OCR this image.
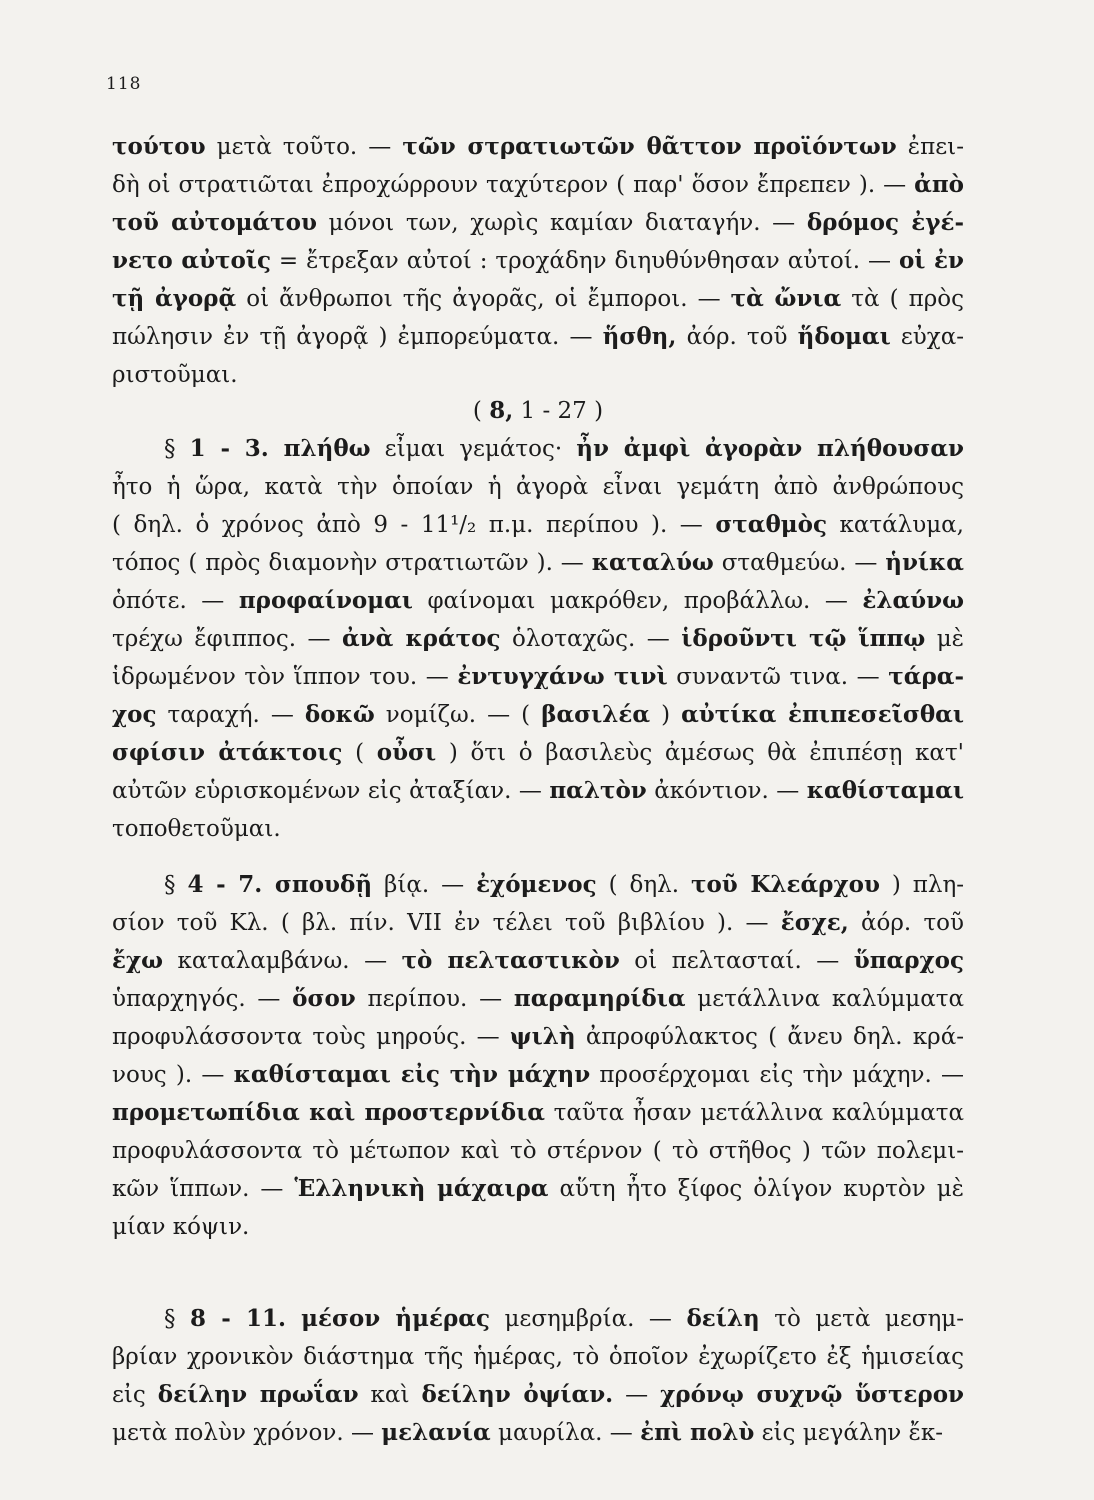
118
τούτου μετὰ τοῦτο. — τῶν στρατιωτῶν θᾶττον προϊόντων ἐπει-
δὴ οἱ στρατιῶται ἐπροχώρρουν ταχύτερον ( παρ' ὅσον ἔπρεπεν ). — ἀπὸ
τοῦ αὐτομάτου μόνοι των, χωρὶς καμίαν διαταγήν. — δρόμος ἐγέ-
νετο αὐτοῖς = ἔτρεξαν αὐτοί : τροχάδην διηυθύνθησαν αὐτοί. — οἱ ἐν
τῇ ἀγορᾷ οἱ ἄνθρωποι τῆς ἀγορᾶς, οἱ ἔμποροι. — τὰ ὤνια τὰ ( πρὸς
πώλησιν ἐν τῇ ἀγορᾷ ) ἐμπορεύματα. — ἥσθη, ἀόρ. τοῦ ἥδομαι εὐχα-
ριστοῦμαι.
( 8, 1 - 27 )
§ 1 - 3. πλήθω εἶμαι γεμάτος· ἦν ἀμφὶ ἀγορὰν πλήθουσαν
ἦτο ἡ ὥρα, κατὰ τὴν ὁποίαν ἡ ἀγορὰ εἶναι γεμάτη ἀπὸ ἀνθρώπους
( δηλ. ὁ χρόνος ἀπὸ 9 - 11¹/₂ π.μ. περίπου ). — σταθμὸς κατάλυμα,
τόπος ( πρὸς διαμονὴν στρατιωτῶν ). — καταλύω σταθμεύω. — ἡνίκα
ὁπότε. — προφαίνομαι φαίνομαι μακρόθεν, προβάλλω. — ἐλαύνω
τρέχω ἔφιππος. — ἀνὰ κράτος ὁλοταχῶς. — ἱδροῦντι τῷ ἵππῳ μὲ
ἱδρωμένον τὸν ἵππον του. — ἐντυγχάνω τινὶ συναντῶ τινα. — τάρα-
χος ταραχή. — δοκῶ νομίζω. — ( βασιλέα ) αὐτίκα ἐπιπεσεῖσθαι
σφίσιν ἀτάκτοις ( οὖσι ) ὅτι ὁ βασιλεὺς ἀμέσως θὰ ἐπιπέσῃ κατ'
αὐτῶν εὑρισκομένων εἰς ἀταξίαν. — παλτὸν ἀκόντιον. — καθίσταμαι
τοποθετοῦμαι.
§ 4 - 7. σπουδῇ βίᾳ. — ἐχόμενος ( δηλ. τοῦ Κλεάρχου ) πλη-
σίον τοῦ Κλ. ( βλ. πίν. VII ἐν τέλει τοῦ βιβλίου ). — ἔσχε, ἀόρ. τοῦ
ἔχω καταλαμβάνω. — τὸ πελταστικὸν οἱ πελτασταί. — ὕπαρχος
ὑπαρχηγός. — ὅσον περίπου. — παραμηρίδια μετάλλινα καλύμματα
προφυλάσσοντα τοὺς μηρούς. — ψιλὴ ἀπροφύλακτος ( ἄνευ δηλ. κρά-
νους ). — καθίσταμαι εἰς τὴν μάχην προσέρχομαι εἰς τὴν μάχην. —
προμετωπίδια καὶ προστερνίδια ταῦτα ἦσαν μετάλλινα καλύμματα
προφυλάσσοντα τὸ μέτωπον καὶ τὸ στέρνον ( τὸ στῆθος ) τῶν πολεμι-
κῶν ἵππων. — Ἑλληνικὴ μάχαιρα αὕτη ἦτο ξίφος ὀλίγον κυρτὸν μὲ
μίαν κόψιν.
§ 8 - 11. μέσον ἡμέρας μεσημβρία. — δείλη τὸ μετὰ μεσημ-
βρίαν χρονικὸν διάστημα τῆς ἡμέρας, τὸ ὁποῖον ἐχωρίζετο ἐξ ἡμισείας
εἰς δείλην πρωΐαν καὶ δείλην ὀψίαν. — χρόνῳ συχνῷ ὕστερον
μετὰ πολὺν χρόνον. — μελανία μαυρίλα. — ἐπὶ πολὺ εἰς μεγάλην ἔκ-
